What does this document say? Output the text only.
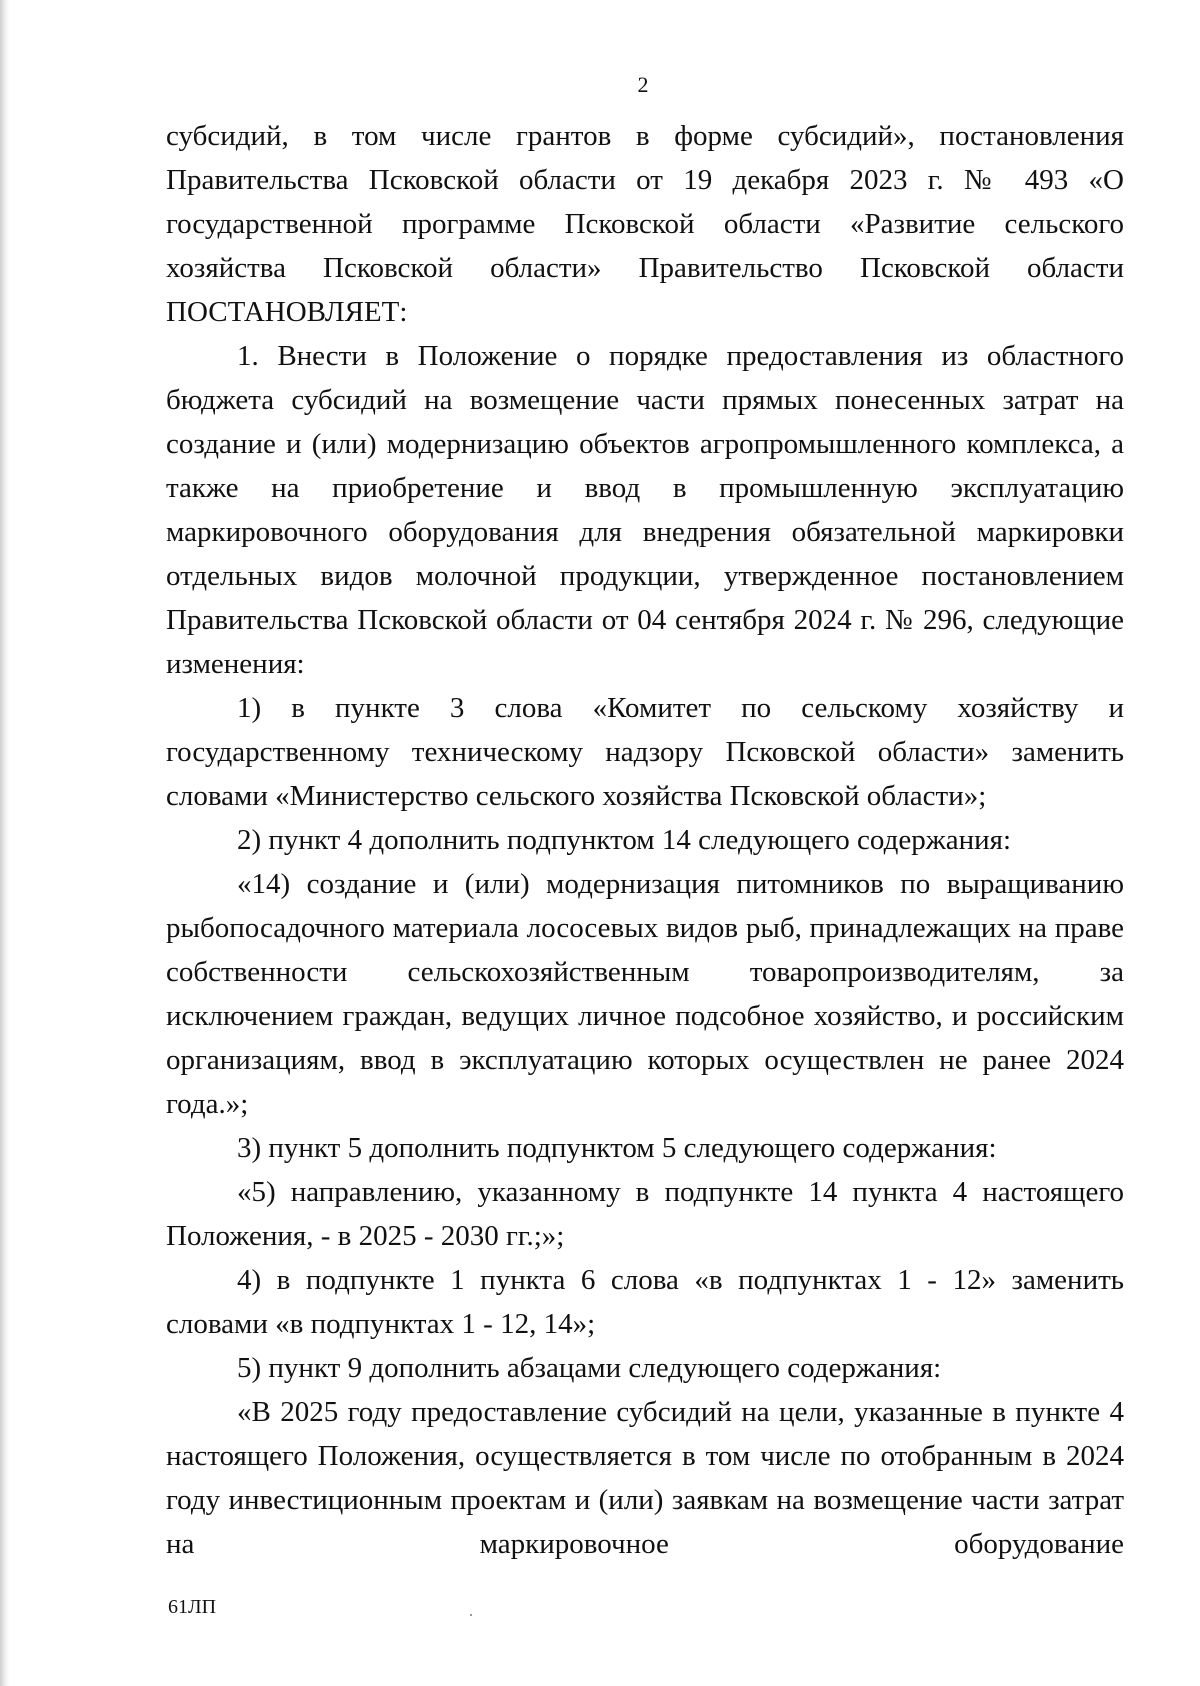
2

субсидий, в том числе грантов в форме субсидий», постановления Правительства Псковской области от 19 декабря 2023 г. № 493 «О государственной программе Псковской области «Развитие сельского хозяйства Псковской области» Правительство Псковской области ПОСТАНОВЛЯЕТ:

1. Внести в Положение о порядке предоставления из областного бюджета субсидий на возмещение части прямых понесенных затрат на создание и (или) модернизацию объектов агропромышленного комплекса, а также на приобретение и ввод в промышленную эксплуатацию маркировочного оборудования для внедрения обязательной маркировки отдельных видов молочной продукции, утвержденное постановлением Правительства Псковской области от 04 сентября 2024 г. № 296, следующие изменения:

1) в пункте 3 слова «Комитет по сельскому хозяйству и государственному техническому надзору Псковской области» заменить словами «Министерство сельского хозяйства Псковской области»;

2) пункт 4 дополнить подпунктом 14 следующего содержания:

«14) создание и (или) модернизация питомников по выращиванию рыбопосадочного материала лососевых видов рыб, принадлежащих на праве собственности сельскохозяйственным товаропроизводителям, за исключением граждан, ведущих личное подсобное хозяйство, и российским организациям, ввод в эксплуатацию которых осуществлен не ранее 2024 года.»;

3) пункт 5 дополнить подпунктом 5 следующего содержания:

«5) направлению, указанному в подпункте 14 пункта 4 настоящего Положения, - в 2025 - 2030 гг.;»;

4) в подпункте 1 пункта 6 слова «в подпунктах 1 - 12» заменить словами «в подпунктах 1 - 12, 14»;

5) пункт 9 дополнить абзацами следующего содержания:

«В 2025 году предоставление субсидий на цели, указанные в пункте 4 настоящего Положения, осуществляется в том числе по отобранным в 2024 году инвестиционным проектам и (или) заявкам на возмещение части затрат на маркировочное оборудование

61ЛП
